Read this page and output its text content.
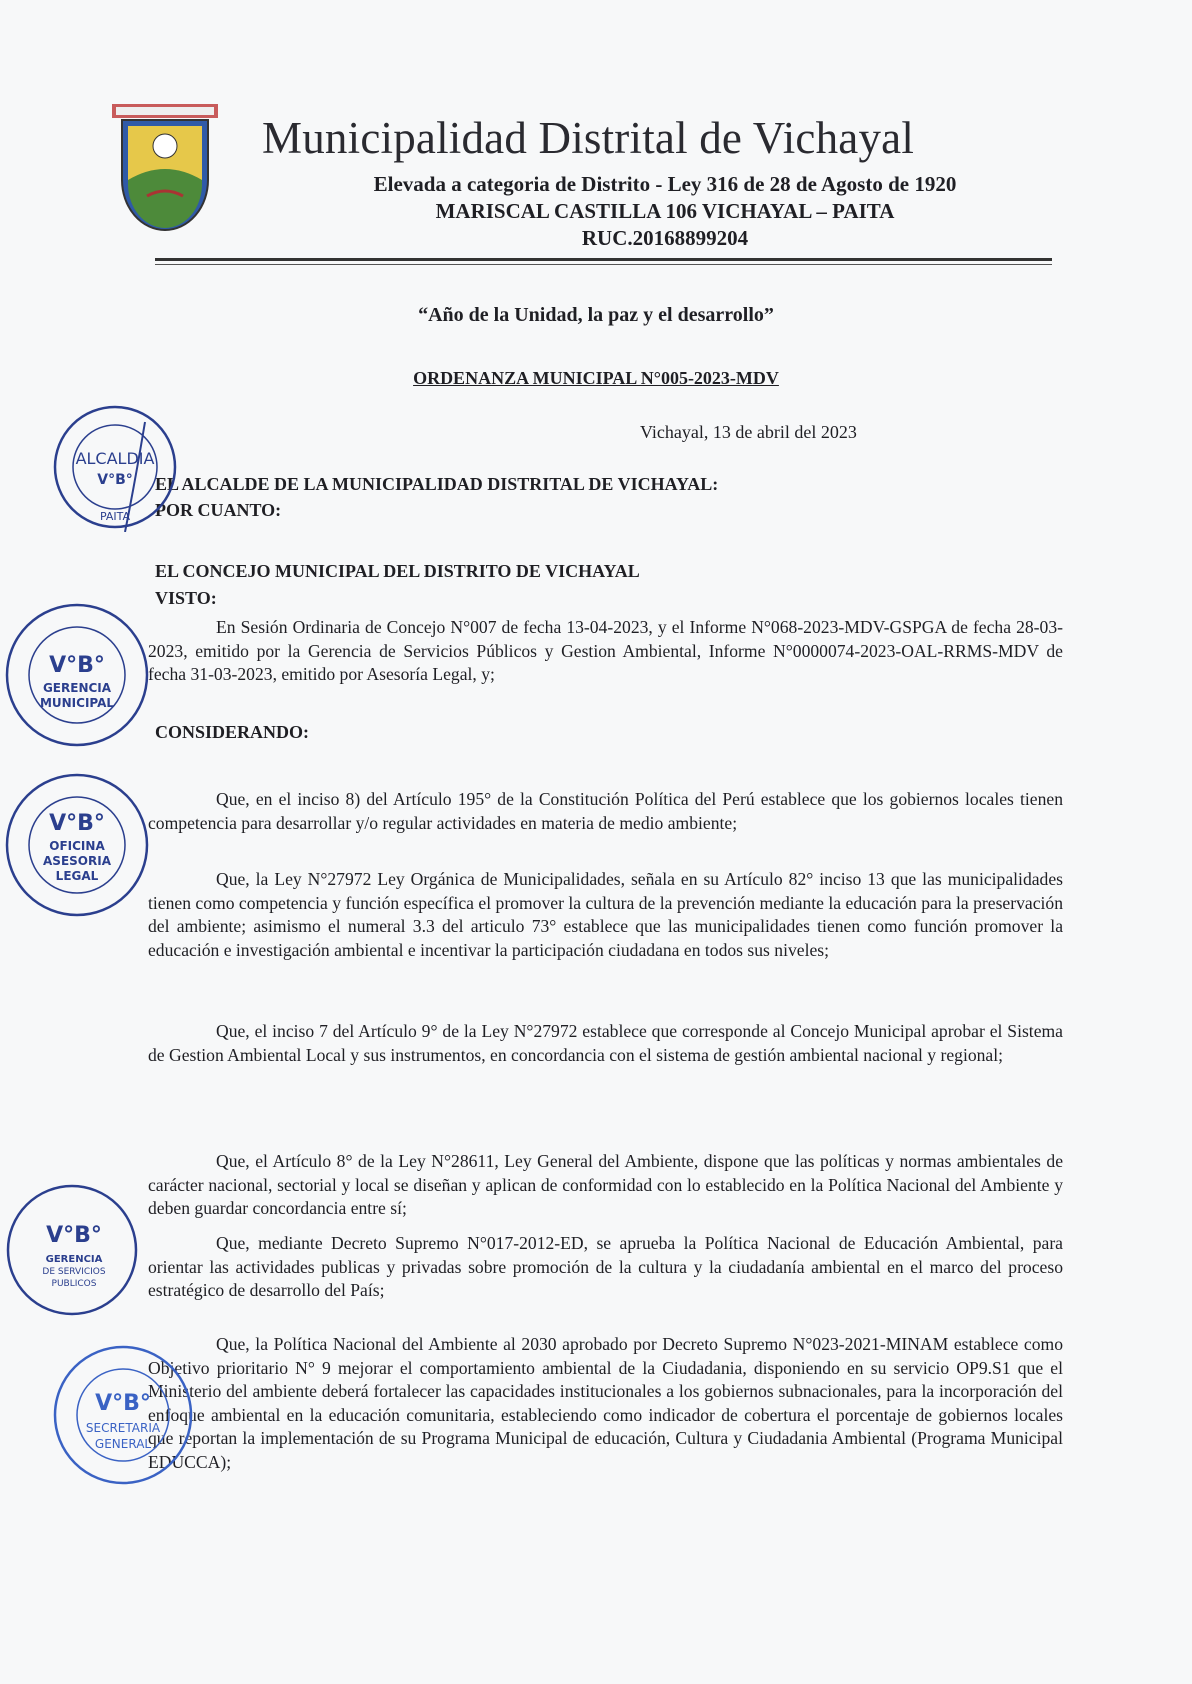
Municipalidad Distrital de Vichayal
Elevada a categoria de Distrito - Ley 316 de 28 de Agosto de 1920
MARISCAL CASTILLA 106 VICHAYAL – PAITA
RUC.20168899204
“Año de la Unidad, la paz y el desarrollo”
ORDENANZA MUNICIPAL N°005-2023-MDV
Vichayal, 13 de abril del 2023
EL ALCALDE DE LA MUNICIPALIDAD DISTRITAL DE VICHAYAL:
POR CUANTO:
EL CONCEJO MUNICIPAL DEL DISTRITO DE VICHAYAL
VISTO:
En Sesión Ordinaria de Concejo N°007 de fecha 13-04-2023, y el Informe N°068-2023-MDV-GSPGA de fecha 28-03-2023, emitido por la Gerencia de Servicios Públicos y Gestion Ambiental, Informe N°0000074-2023-OAL-RRMS-MDV de fecha 31-03-2023, emitido por Asesoría Legal, y;
CONSIDERANDO:
Que, en el inciso 8) del Artículo 195° de la Constitución Política del Perú establece que los gobiernos locales tienen competencia para desarrollar y/o regular actividades en materia de medio ambiente;
Que, la Ley N°27972 Ley Orgánica de Municipalidades, señala en su Artículo 82° inciso 13 que las municipalidades tienen como competencia y función específica el promover la cultura de la prevención mediante la educación para la preservación del ambiente; asimismo el numeral 3.3 del articulo 73° establece que las municipalidades tienen como función promover la educación e investigación ambiental e incentivar la participación ciudadana en todos sus niveles;
Que, el inciso 7 del Artículo 9° de la Ley N°27972 establece que corresponde al Concejo Municipal aprobar el Sistema de Gestion Ambiental Local y sus instrumentos, en concordancia con el sistema de gestión ambiental nacional y regional;
Que, el Artículo 8° de la Ley N°28611, Ley General del Ambiente, dispone que las políticas y normas ambientales de carácter nacional, sectorial y local se diseñan y aplican de conformidad con lo establecido en la Política Nacional del Ambiente y deben guardar concordancia entre sí;
Que, mediante Decreto Supremo N°017-2012-ED, se aprueba la Política Nacional de Educación Ambiental, para orientar las actividades publicas y privadas sobre promoción de la cultura y la ciudadanía ambiental en el marco del proceso estratégico de desarrollo del País;
Que, la Política Nacional del Ambiente al 2030 aprobado por Decreto Supremo N°023-2021-MINAM establece como Objetivo prioritario N° 9 mejorar el comportamiento ambiental de la Ciudadania, disponiendo en su servicio OP9.S1 que el Ministerio del ambiente deberá fortalecer las capacidades institucionales a los gobiernos subnacionales, para la incorporación del enfoque ambiental en la educación comunitaria, estableciendo como indicador de cobertura el porcentaje de gobiernos locales que reportan la implementación de su Programa Municipal de educación, Cultura y Ciudadania Ambiental (Programa Municipal EDUCCA);
ALCALDIA
V°B°
PAITA
V°B°
GERENCIA
MUNICIPAL
V°B°
OFICINA
ASESORIA
LEGAL
V°B°
GERENCIA
DE SERVICIOS
PUBLICOS
V°B°
SECRETARIA
GENERAL
